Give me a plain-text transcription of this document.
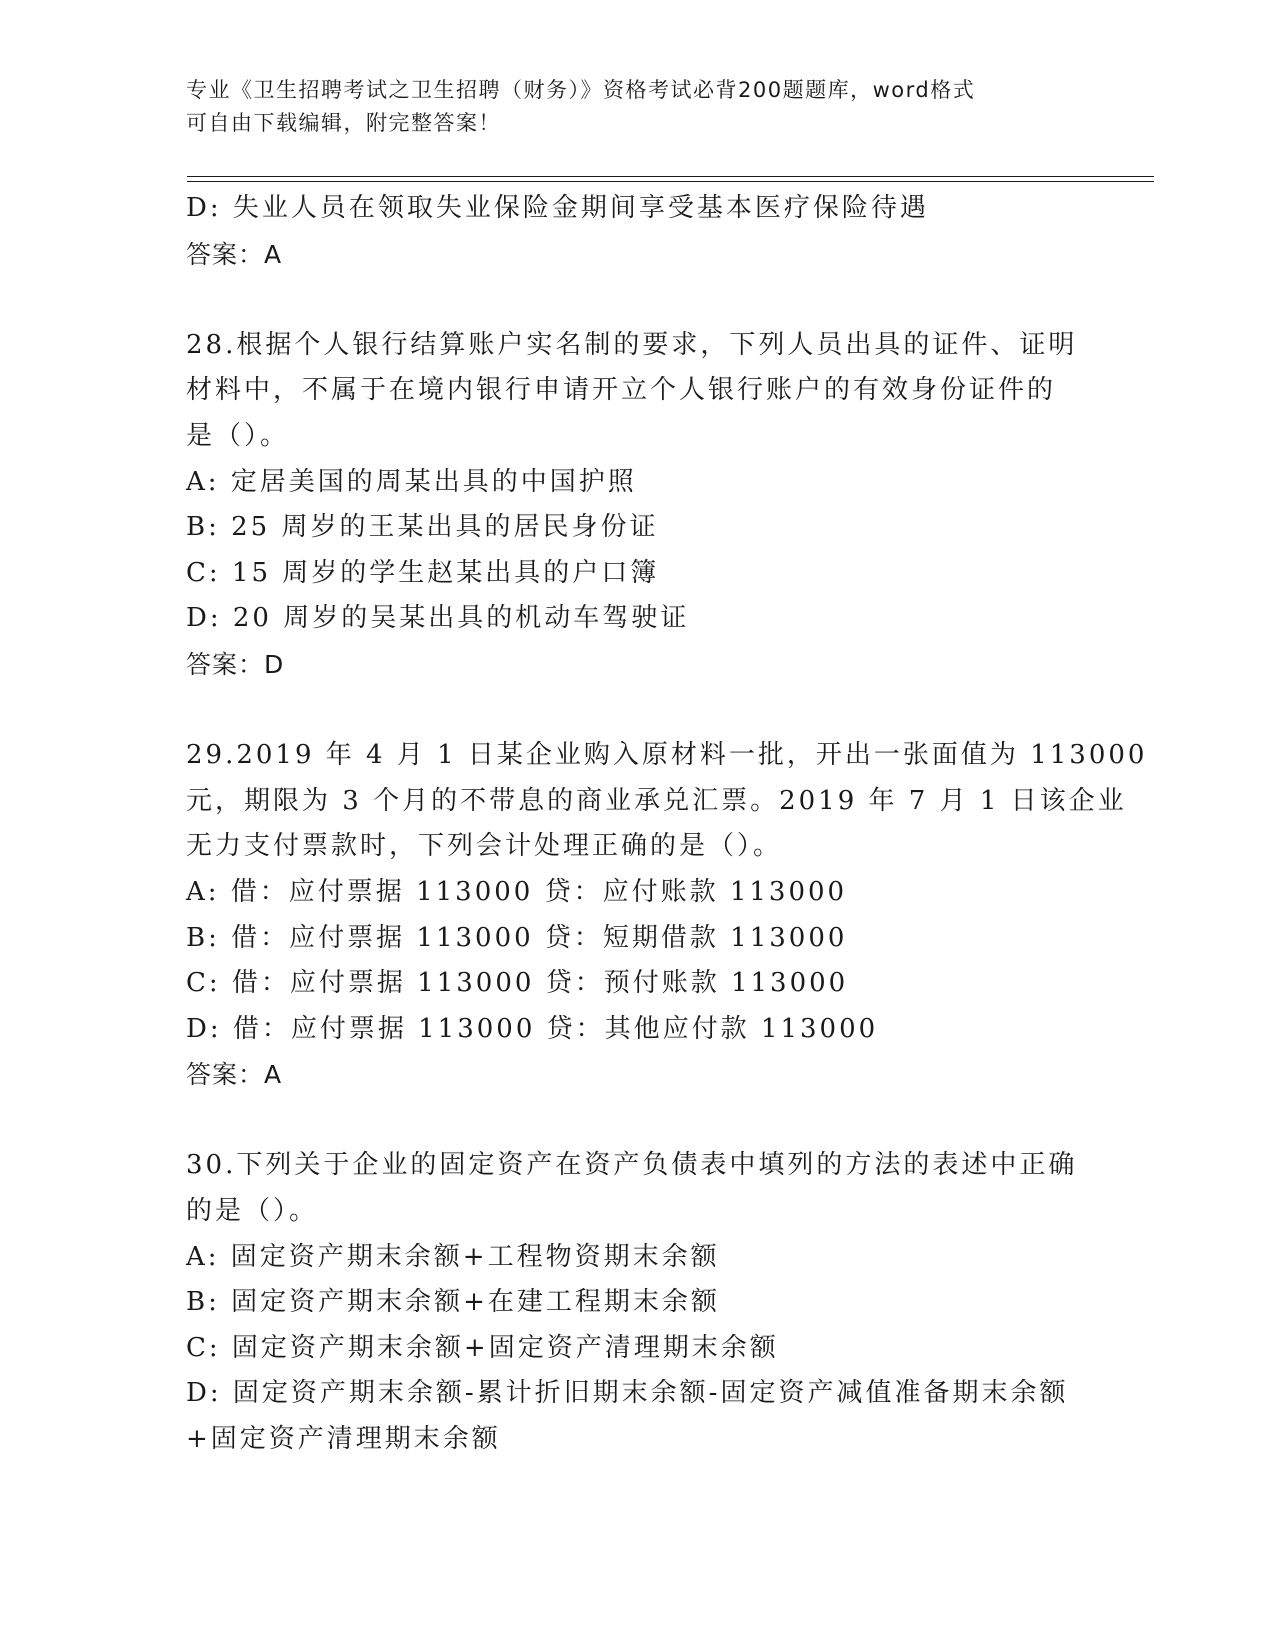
专业《卫生招聘考试之卫生招聘（财务）》资格考试必背200题题库，word格式
可自由下载编辑，附完整答案！
D: 失业人员在领取失业保险金期间享受基本医疗保险待遇
答案：A
28.根据个人银行结算账户实名制的要求，下列人员出具的证件、证明
材料中，不属于在境内银行申请开立个人银行账户的有效身份证件的
是（）。
A: 定居美国的周某出具的中国护照
B: 25 周岁的王某出具的居民身份证
C: 15 周岁的学生赵某出具的户口簿
D: 20 周岁的吴某出具的机动车驾驶证
答案：D
29.2019 年 4 月 1 日某企业购入原材料一批，开出一张面值为 113000
元，期限为 3 个月的不带息的商业承兑汇票。2019 年 7 月 1 日该企业
无力支付票款时，下列会计处理正确的是（）。
A: 借：应付票据 113000 贷：应付账款 113000
B: 借：应付票据 113000 贷：短期借款 113000
C: 借：应付票据 113000 贷：预付账款 113000
D: 借：应付票据 113000 贷：其他应付款 113000
答案：A
30.下列关于企业的固定资产在资产负债表中填列的方法的表述中正确
的是（）。
A: 固定资产期末余额+工程物资期末余额
B: 固定资产期末余额+在建工程期末余额
C: 固定资产期末余额+固定资产清理期末余额
D: 固定资产期末余额-累计折旧期末余额-固定资产减值准备期末余额
+固定资产清理期末余额
